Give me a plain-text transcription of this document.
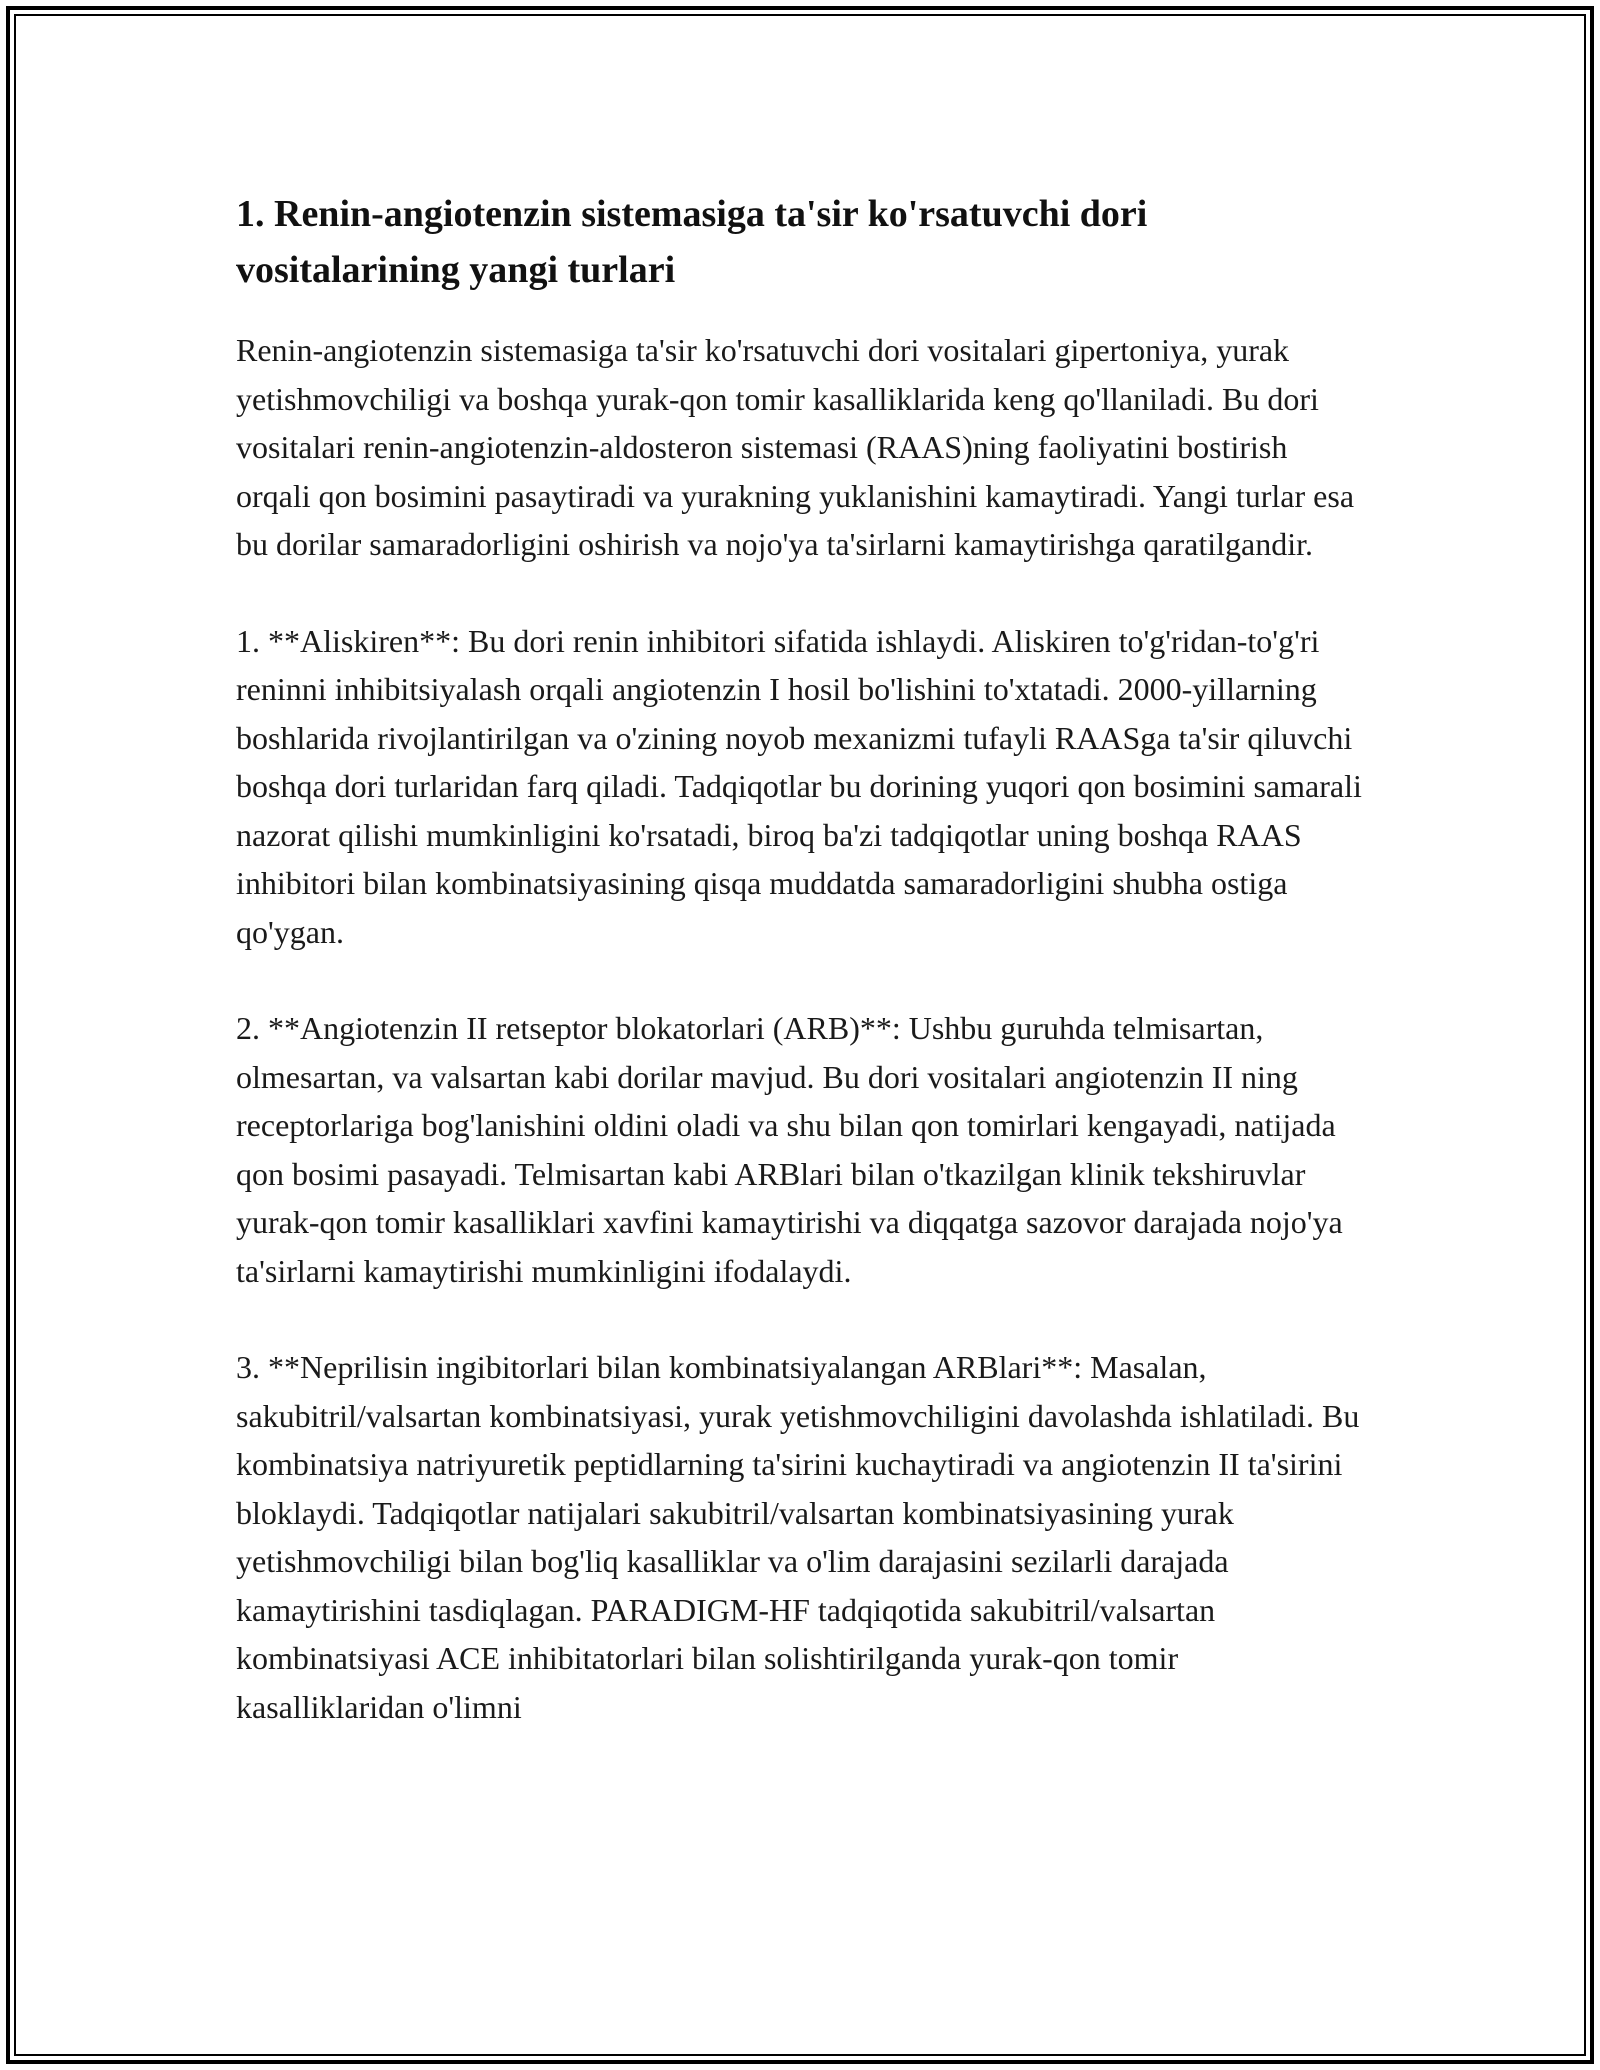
1. Renin-angiotenzin sistemasiga ta'sir ko'rsatuvchi dori vositalarining yangi turlari

Renin-angiotenzin sistemasiga ta'sir ko'rsatuvchi dori vositalari gipertoniya, yurak yetishmovchiligi va boshqa yurak-qon tomir kasalliklarida keng qo'llaniladi. Bu dori vositalari renin-angiotenzin-aldosteron sistemasi (RAAS)ning faoliyatini bostirish orqali qon bosimini pasaytiradi va yurakning yuklanishini kamaytiradi. Yangi turlar esa bu dorilar samaradorligini oshirish va nojo'ya ta'sirlarni kamaytirishga qaratilgandir.

1. **Aliskiren**: Bu dori renin inhibitori sifatida ishlaydi. Aliskiren to'g'ridan-to'g'ri reninni inhibitsiyalash orqali angiotenzin I hosil bo'lishini to'xtatadi. 2000-yillarning boshlarida rivojlantirilgan va o'zining noyob mexanizmi tufayli RAASga ta'sir qiluvchi boshqa dori turlaridan farq qiladi. Tadqiqotlar bu dorining yuqori qon bosimini samarali nazorat qilishi mumkinligini ko'rsatadi, biroq ba'zi tadqiqotlar uning boshqa RAAS inhibitori bilan kombinatsiyasining qisqa muddatda samaradorligini shubha ostiga qo'ygan.

2. **Angiotenzin II retseptor blokatorlari (ARB)**: Ushbu guruhda telmisartan, olmesartan, va valsartan kabi dorilar mavjud. Bu dori vositalari angiotenzin II ning receptorlariga bog'lanishini oldini oladi va shu bilan qon tomirlari kengayadi, natijada qon bosimi pasayadi. Telmisartan kabi ARBlari bilan o'tkazilgan klinik tekshiruvlar yurak-qon tomir kasalliklari xavfini kamaytirishi va diqqatga sazovor darajada nojo'ya ta'sirlarni kamaytirishi mumkinligini ifodalaydi.

3. **Neprilisin ingibitorlari bilan kombinatsiyalangan ARBlari**: Masalan, sakubitril/valsartan kombinatsiyasi, yurak yetishmovchiligini davolashda ishlatiladi. Bu kombinatsiya natriyuretik peptidlarning ta'sirini kuchaytiradi va angiotenzin II ta'sirini bloklaydi. Tadqiqotlar natijalari sakubitril/valsartan kombinatsiyasining yurak yetishmovchiligi bilan bog'liq kasalliklar va o'lim darajasini sezilarli darajada kamaytirishini tasdiqlagan. PARADIGM-HF tadqiqotida sakubitril/valsartan kombinatsiyasi ACE inhibitatorlari bilan solishtirilganda yurak-qon tomir kasalliklaridan o'limni
